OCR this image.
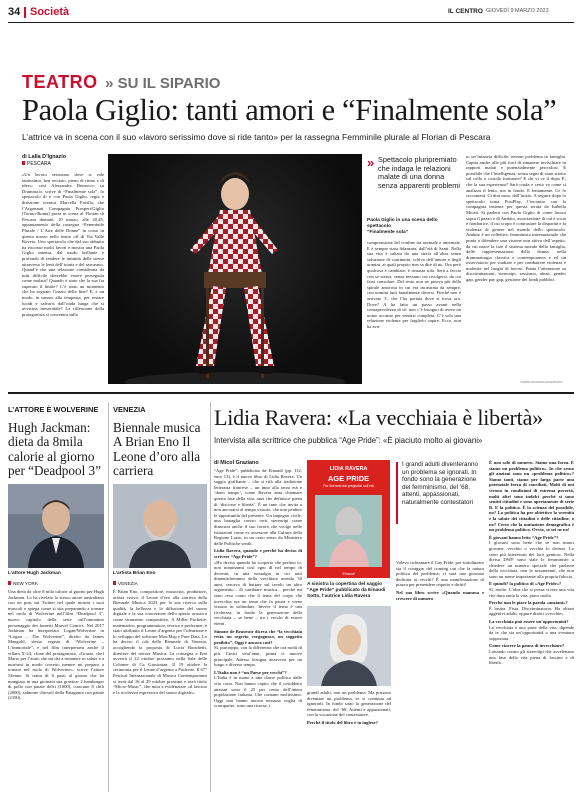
34 Società	IL CENTRO GIOVEDÌ 9 MARZO 2023
TEATRO » SU IL SIPARIO
Paola Giglio: tanti amori e “Finalmente sola”
L’attrice va in scena con il suo «lavoro serissimo dove si ride tanto» per la rassegna Femminile plurale al Florian di Pescara
di Lalla D’Ignazio
PESCARA
«Un lavoro serissimo dove si ride tantissimo, ben recitato, pieno di ritmo e di idee»: così Alessandra Bernocco su Dramma.it. scrive di “Finalmente sola”, lo spettacolo di e con Paola Giglio, regia e direzione scenica Marcella Favilla, che l’Argonauti Compagnia Prosperi/Giglio (Torino-Roma) porta in scena al Florian di Pescara domani, 10 marzo, alle 20.45, appuntamento della rassegna “Femminile Plurale / L’Arte delle Donne” in corso in questo marzo nello teatro off di Via Valle Roveto. Uno spettacolo che dal suo debutto ha riscosso molti favori e mostra una Paola Giglio intensa, dal modo brillante e profondo di rendere le intimità delle stesse attraverso le lenti dell’ironia e del sarcasmo. Quand’è che una relazione considerata da tutti difficile dovrebbe essere perseguita come malata? Quando è stato che la sua fia superato il limite? C’è stato un momento che ha segnato l’inizio della fine? E, e un modo, in mezzo alla tempesta, per restare lucidi e salvarsi dall’onda lunga che si avvicina inesorabile? La riflessione della protagonista si concentra sulla
» Spettacolo pluripremiato che indaga le relazioni malate di una donna senza apparenti problemi
Paola Giglio in una scena dello spettacolo
“Finalmente sola”
comprensione del confine tra normale e anormale. E è sempre stata fidanzata, dall’età di Santi. Nella sua vita è saltata da una storia all’altra senza soluzione di continuità, schiva dell’amore e degli uomini, ai quali proprio non sa dire di no. Ora però qualcosa è cambiato: è rimasta sola. Serà a faccia con se stessa, senza nessuno cui rivolgersi, da cui farsi consolare. Del resto non ne poteva più della spirale amorosa in cui era incastrata da sempre, con uomini tutti banalmente diversi. Finché non è arrivato T., che l’ha portata dove si trova ora. Dove? A ha fatto un passo avanti nella consapevolezza di sé: non c’è bisogno di avere un uomo accanto per sentirsi completa. C’è sola una relazione violenta per farglielo capire. Ecco, non ha avu-
to un’infanzia difficile, nessun problema in famiglia. Capita anche alle più forti di rimanere invischiate in rapporti malati e potenzialmente pericolosi. E possibile che l’intelligenza, senza segni di stare stretto sul collo o costole fratturate? E chi vi ce il dopo P., che la sua esperienza? Sarà cruda e certo va come si analizza il lento, ma in fondo. E lentamente. Ce lo racconterà. Ci dirà suno, dall’inizio. A seguire dopo lo spettacolo torna PostPlay, l’incontro con la compagnia insieme per questa serata da Isabella Micati. Si parlerà con Paola Giglio di come lavora sopra il pezzo e di Ambito, associazione di cui è socia e fondatrice, il cui scopo è contrastare la disparità e la violenza di genere nel mondo dello spettacolo. Ambito è un collettivo femminista internazionale che punta a difendere una visione non attiva dell’aspetto, da cui nasce la fare il sistema mondo della famiglia, delle rappresentazione della donna, nella drammaturgia classica e contemporanea e ed un osservatorio per studiare e per combattere violenza e molestie nel luoghi di lavoro. Punta l’attenzione su discriminazioni, stereotipi, sessismo, abusi, gender gap, gender pay gap, gestione dei fondi pubblici.
©RIPRODUZIONE RISERVATA
L’ATTORE È WOLVERINE
Hugh Jackman: dieta da 8mila calorie al giorno per “Deadpool 3”
L’attore Hugh Jackman
NEW YORK
Una dieta da oltre 8 mila calorie al giorno per Hugh Jackman. Lo ha rivelato lo stesso attore australiano con un post sui Twitter nel quale mostra i suoi muscoli e spiega come si stia preparando a tornare nel ruolo di Wolverine nell’film “Deadpool 3”, nuovo capitolo della serie sull’omonimo personaggio dei fumetti Marvel Comics. Nel 2017 Jackman ha interpretato Logan/Wolverine in “Logan – The Wolverine”, diretto da James Mangold, stesso regista di “Wolverine – L’immortale”, e nel film interpretava anche il villain X-24, clone del protagonista. «Grazie, chef Mario per l’aiuto che mi dai a rimanere in salute e a nutrirmi in modo corretto mentre mi preparo a tornare nel ruolo di Wolverine», scrive l’attore 54enne. Si tratta di 6 pasti al giorno che ha mangiato in una giornata sua gravina: 2 hamburger di pollo con patate dolci (1000), ciascuno 8 chili (2000), salmone chicsoli della Patagonia con patate (2100).
VENEZIA
Biennale musica A Brian Eno Il Leone d’oro alla carriera
L’artista Brian Eno
VENEZIA
È Brian Eno, compositore, musicista, produttore, artista visivo, il Leone d’oro alla carriera della Biennale Musica 2023 per la sua ricerca sulla qualità, la bellezza e la diffusione del suono digitale e la sua concezione dello spazio acustico come strumento compositivo. A Miller Puckette, matematico, programmatore, teorico e performer, è stato attribuito il Leone d’argento per l’ideazione e lo sviluppo del software Max/Msp e Pure Data. Lo ha deciso il cda della Biennale di Venezia, accogliendo la proposta di Lucia Ronchetti, direttore del settore Musica. La consegna a Eno avverrà il 22 ottobre prossimo nella Sala delle Colonne di Ca Giustinian. Il 19 ottobre la cerimonia per il Leone d’argento a Puckette. Il 67° Festival Internazionale di Musica Contemporanea si terrà dal 16 al 29 ottobre prossimi e avrà titolo “Micro-Music”, che mira a evidenziare «il fascino e la ricchezza espressiva del suono digitale».
Lidia Ravera: «La vecchiaia è libertà»
Intervista alla scrittrice che pubblica “Age Pride”: «È piaciuto molto ai giovani»
di Micol Graziano
“Age Pride”, pubblicato da Einaudi (pp. 112, euro 13), è il nuovo libro di Lidia Ravera. Un saggio graffiante – che si rifà alla tradizione letteraria francese – un inno alla terza età e ‘dono tempo’, come Ravera ama chiamare questa fase della vita, anzi che definisce piena di ‘discorse e libertà’. È un inno che invita a non ancorarsi al tempo vissuto, che non perdere le opportunità del presente. Un impegno civile, una battaglia contro certi stereotipi come dimostra anche il suo lavoro che svolge nelle istituzioni come ex assessore alla Cultura della Regione Lazio, in un certo senso da Ministero delle Politiche senili.
Lidia Ravera, quando e perché ha deciso di scrivere “Age Pride”?
«Ho deciso quando ho scoperto che perfino io, non nominarmi così ogni dì nel tempo di decenni, in una nostalgia in cui tutti dimenticheranno della vecchiaia avendo 50 anni, cercavo di buttare sul tavolo un altro argomento... di cambiare musica... perché mi sono resa conto che il tema del corpo che invecchia era un tema che fa paura e viene vissuto in solitudine. Invece il tema è una ricchezza, in fondo la generazione della vecchiaia – se bene – tra i vecchi di essere eterni.
Simone de Beauvoir diceva che “la vecchiaia resta un segreto vergognoso, un soggetto proibito”. Oggi è ancora così?
Sì, purtroppo, con la differenza che ora molti di più. Cinici vent’anni, prima ci muove principale. Adesso bisogna attraversi per un lungo e diverso tempo.
L’Italia non è “un Paese per vecchi”?
L’Italia è in mano a una classe politica dalle vita corta. Non hanno capito che il cosiddetto anziani sono il 25 per cento dell’intera popolazione italiana. Che contano moltissimo. Oggi non hanno ancora nessuna voglia di scomparire, sono una risorsa, i
LIDIA RAVERA
AGE PRIDE
Per liberarsi dai pregiudizi sull’età
Einaudi
A sinistra la copertina del saggio “Age Pride” pubblicato da Einaudi Sotto, l’autrice Lidia Ravera
grandi adulti, non un problema. Ma possono diventare un problema, se si continua ad ignorarli. In fondo sono la generazione del femminismo, del ’68. Attenti e appassionati, con la vocazione del contestatore.
Perché il titolo del libro è in inglese?
I grandi adulti diventeranno un problema se ignorati. In fondo sono la generazione del femminismo, del ’68, attenti, appassionati, naturalmente contestatori
Volevo richiamare il Gay Pride, per sottolineare sia il coraggio del coming out che la natura politica del problema; ci sarà una giornata dedicata ai vecchi? È una manifestazione di piazza per pretendere rispetto e diritti!
Nel suo libro scrive «Quando mamma e crescere di numero
È non solo di numero. Siamo una forza. E siamo un problema politico». In che senso gli anziani sono un «problema politico»? Siamo tanti, siamo per larga parte una potenziale forza di conciliati. Molti di noi vivono in condizioni di estrema povertà, molti altri sono indolci perché si sono sentiti cittadini e sono apertamente di serie B. E la politica. È la scienza del possibile, no? La politica ha per obiettivo la serenità e la salute dei cittadini e delle cittadine, o no? Certo che la mutazione demografica è un problema politico. Ovvio, se sei ne no!
È giovani hanno letto “Age Pride”?
I giovani sono bene che se non muori giovane, vecchio o vecchia lo diventi. Lo sono più interessati dei loro genitori. Nella divisa DWF sono state le femministe a chiedere un numero speciale che parlasse della vecchiaia, non le sessantenni, che non sono un nome importante alla propria fiducia.
E quindi? la politica di «Age Pride»?
Sì, molto. L’idea che si possa vivere una vita che dura tanta la vita, piace molto.
Perché non le piace la parola «anziani»?
È brutta. Fista. Discriminatoria. Ha alcuni aggettivi adulti, oppure diretti «vecchie»
La vecchiaia può essere un’opportunità?
La vecchiaia è una parte della vita, dipende da te che sia un’opportunità o una sventura sopportata.
Come vincere la paura di invecchiare?
Lottando contro gli stereotipi che avvelenano una fase della vita piena di fascino e di libertà.
